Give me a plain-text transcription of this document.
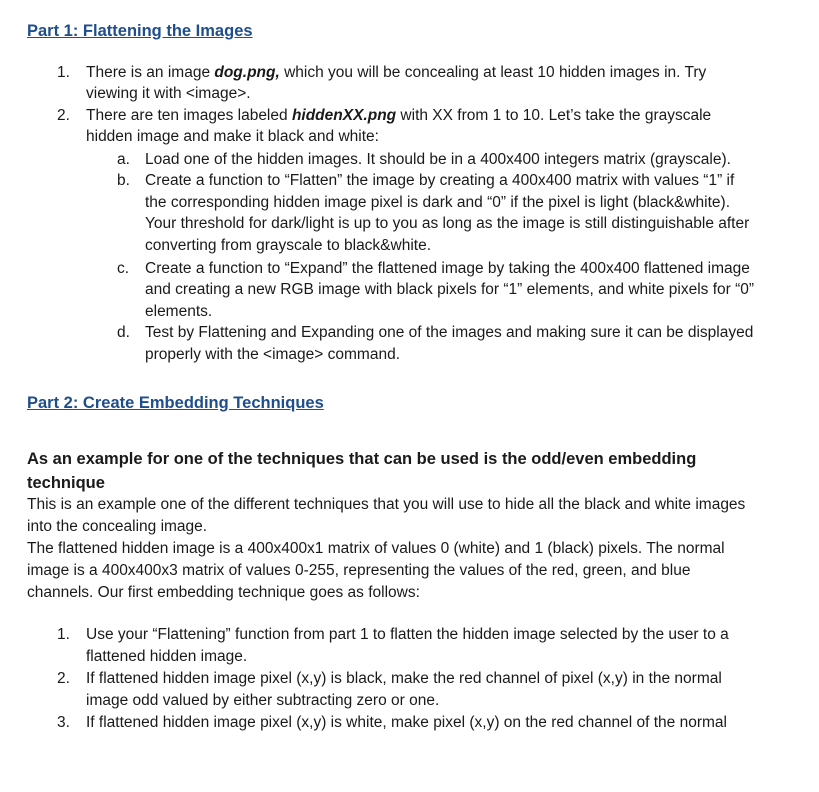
Part 1: Flattening the Images
1. There is an image dog.png, which you will be concealing at least 10 hidden images in. Try
viewing it with <image>.
2. There are ten images labeled hiddenXX.png with XX from 1 to 10. Let’s take the grayscale
hidden image and make it black and white:
a. Load one of the hidden images. It should be in a 400x400 integers matrix (grayscale).
b. Create a function to “Flatten” the image by creating a 400x400 matrix with values “1” if
the corresponding hidden image pixel is dark and “0” if the pixel is light (black&white).
Your threshold for dark/light is up to you as long as the image is still distinguishable after
converting from grayscale to black&white.
c. Create a function to “Expand” the flattened image by taking the 400x400 flattened image
and creating a new RGB image with black pixels for “1” elements, and white pixels for “0”
elements.
d. Test by Flattening and Expanding one of the images and making sure it can be displayed
properly with the <image> command.
Part 2: Create Embedding Techniques
As an example for one of the techniques that can be used is the odd/even embedding
technique
This is an example one of the different techniques that you will use to hide all the black and white images
into the concealing image.
The flattened hidden image is a 400x400x1 matrix of values 0 (white) and 1 (black) pixels. The normal
image is a 400x400x3 matrix of values 0-255, representing the values of the red, green, and blue
channels. Our first embedding technique goes as follows:
1. Use your “Flattening” function from part 1 to flatten the hidden image selected by the user to a
flattened hidden image.
2. If flattened hidden image pixel (x,y) is black, make the red channel of pixel (x,y) in the normal
image odd valued by either subtracting zero or one.
3. If flattened hidden image pixel (x,y) is white, make pixel (x,y) on the red channel of the normal
